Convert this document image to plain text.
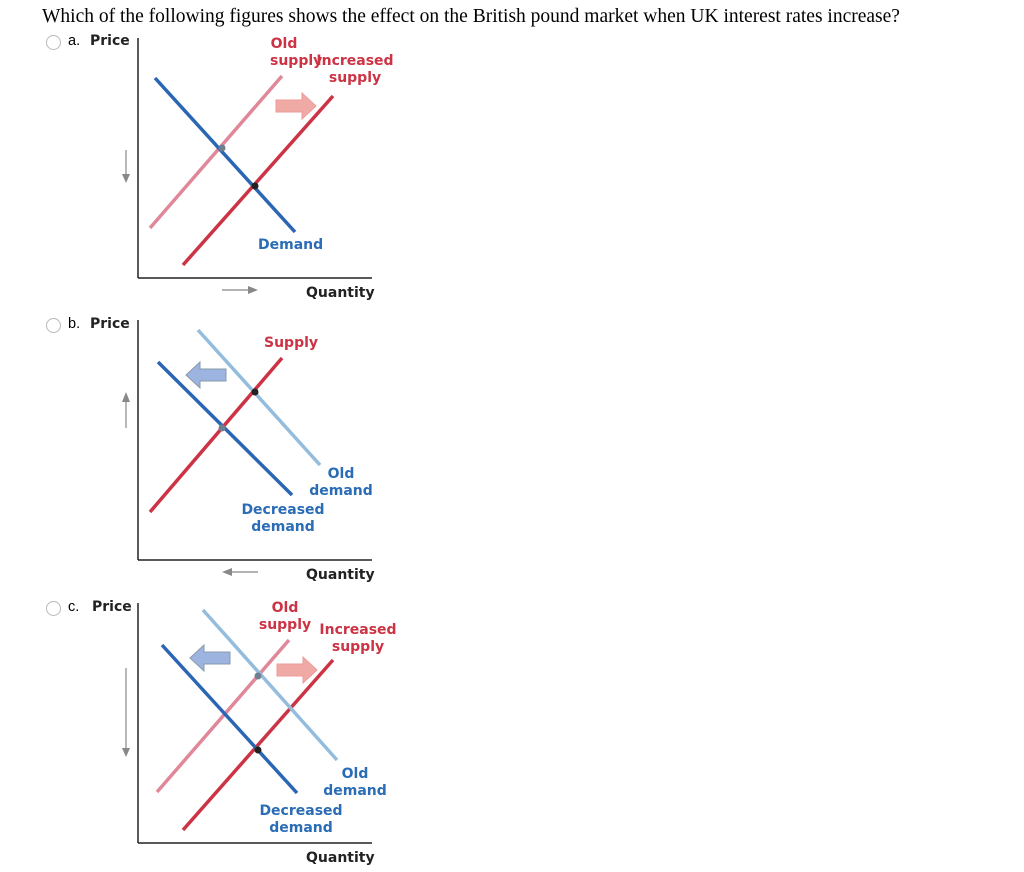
Which of the following figures shows the effect on the British pound market when UK interest rates increase?
a. Price	Old
supply
Increased
supply
Demand
Quantity
b. Price
Supply
Old
demand
Decreased
demand
Quantity
c. Price	Old
supply Increased
supply
Old
demand
Decreased
demand
Quantity
